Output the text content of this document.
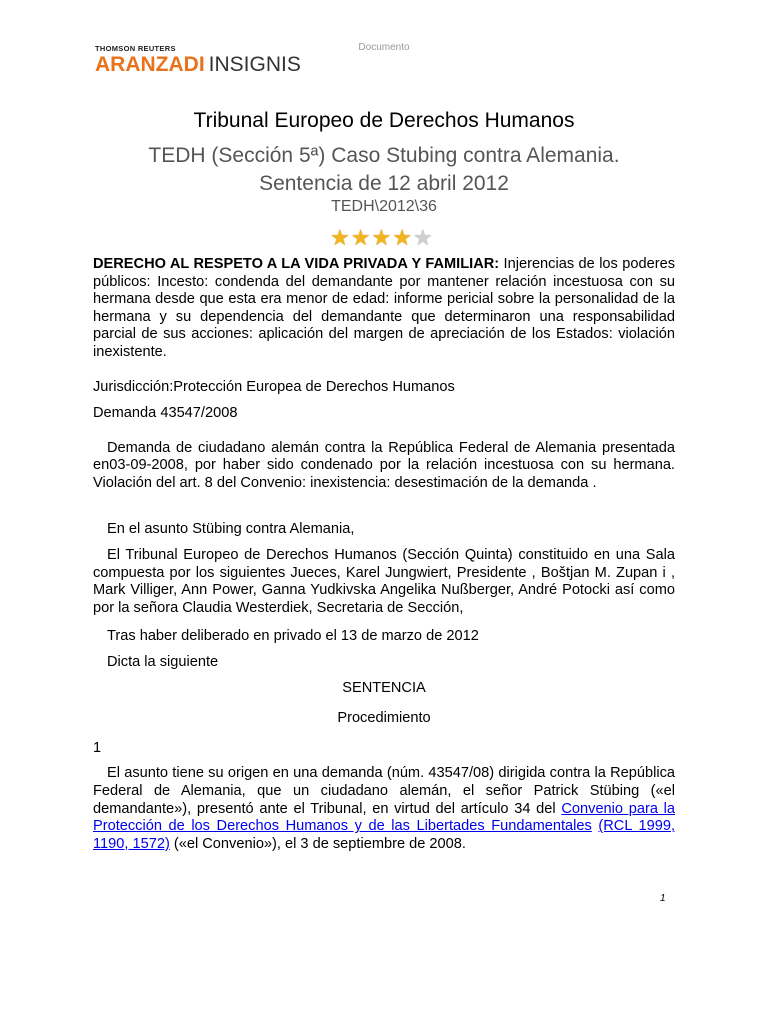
THOMSON REUTERS
ARANZADI INSIGNIS
Documento
Tribunal Europeo de Derechos Humanos
TEDH (Sección 5ª) Caso Stubing contra Alemania.
Sentencia de 12 abril 2012
TEDH\2012\36
★ ★ ★ ★ ★

DERECHO AL RESPETO A LA VIDA PRIVADA Y FAMILIAR: Injerencias de los poderes públicos: Incesto: condenda del demandante por mantener relación incestuosa con su hermana desde que esta era menor de edad: informe pericial sobre la personalidad de la hermana y su dependencia del demandante que determinaron una responsabilidad parcial de sus acciones: aplicación del margen de apreciación de los Estados: violación inexistente.

Jurisdicción:Protección Europea de Derechos Humanos

Demanda 43547/2008

Demanda de ciudadano alemán contra la República Federal de Alemania presentada en03-09-2008, por haber sido condenado por la relación incestuosa con su hermana. Violación del art. 8 del Convenio: inexistencia: desestimación de la demanda .

En el asunto Stübing contra Alemania,

El Tribunal Europeo de Derechos Humanos (Sección Quinta) constituido en una Sala compuesta por los siguientes Jueces, Karel Jungwiert, Presidente , Boštjan M. Zupan i , Mark Villiger, Ann Power, Ganna Yudkivska Angelika Nußberger, André Potocki así como por la señora Claudia Westerdiek, Secretaria de Sección,

Tras haber deliberado en privado el 13 de marzo de 2012

Dicta la siguiente

SENTENCIA

Procedimiento

1

El asunto tiene su origen en una demanda (núm. 43547/08) dirigida contra la República Federal de Alemania, que un ciudadano alemán, el señor Patrick Stübing («el demandante»), presentó ante el Tribunal, en virtud del artículo 34 del Convenio para la Protección de los Derechos Humanos y de las Libertades Fundamentales (RCL 1999, 1190, 1572) («el Convenio»), el 3 de septiembre de 2008.

1
